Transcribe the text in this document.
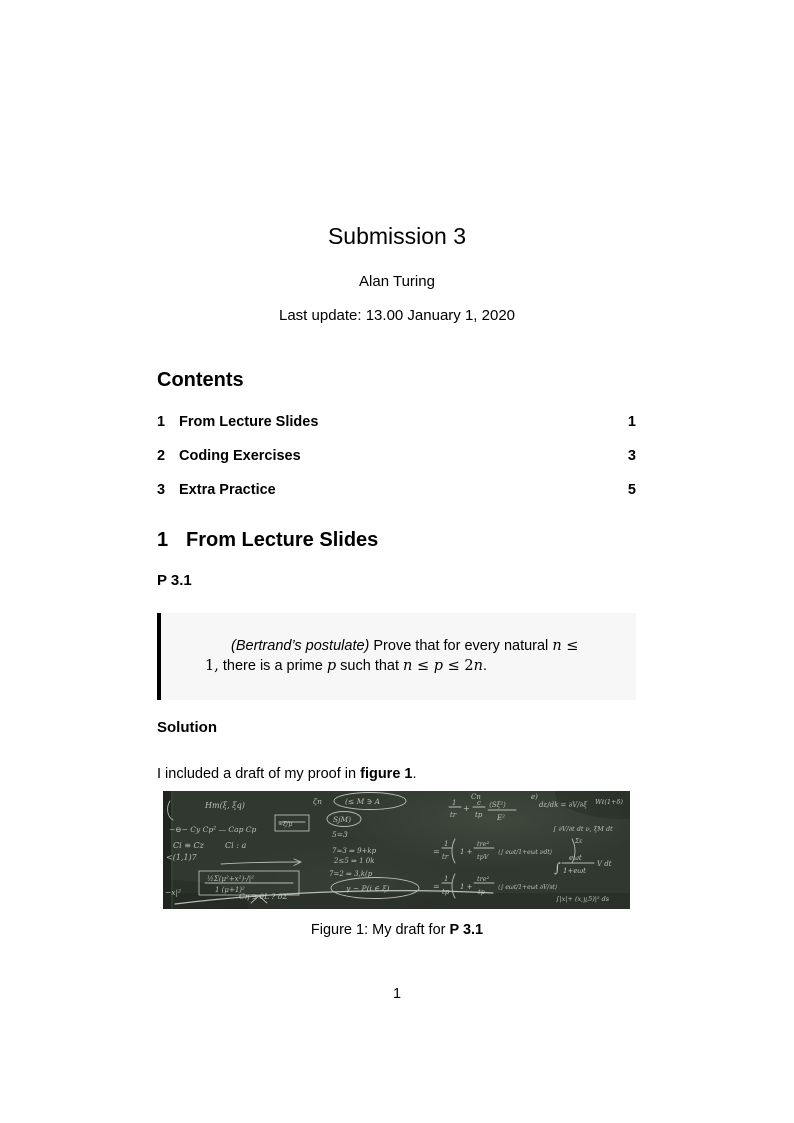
Submission 3
Alan Turing
Last update: 13.00 January 1, 2020
Contents
1 From Lecture Slides	1
2 Coding Exercises	3
3 Extra Practice	5
1 From Lecture Slides
P 3.1

(Bertrand’s postulate) Prove that for every natural n ≤ 1, there is a prime p such that n ≤ p ≤ 2n.

Solution

I included a draft of my proof in figure 1.

Hm(ξ, ξq)
−⊖− Cy Cp² — Cap Cp
Ci ≡ Cz	Ci : a
<(1,1)7
½Σ(μ²+x²)·/|²
1 (μ+1)²
−x|²	Cη ∋ θL ? δΣ
ζn	(≤ M ∋ A
SjM)
5=3
7≈3 ⇒ 9+kp
2≤5 ⇒ 1 0k
7=2 ⇒ 3,k(p
γ ~ P(i ∈ ξ)
1
tr
+
c
tp
⟨Sξ²⟩
E²
dε/dk = ∂V/∂ξ Wℓ(1+δ)
∫ ∂V/∂t dt ν, ξM dt
=
1
tr
1 +
tre²
tpV
⟨∫ eωt/1+eωt νdt⟩
Σε
=
1
tp
1 +
tre²
tp
⟨∫ eωt/1+eωt ∂V/∂t⟩
eωt
1+eωt
V dt
∫
∫|x|+ (x,y,5)|² ds
≈ξ/μ
e)
Cn
Figure 1: My draft for P 3.1
1
